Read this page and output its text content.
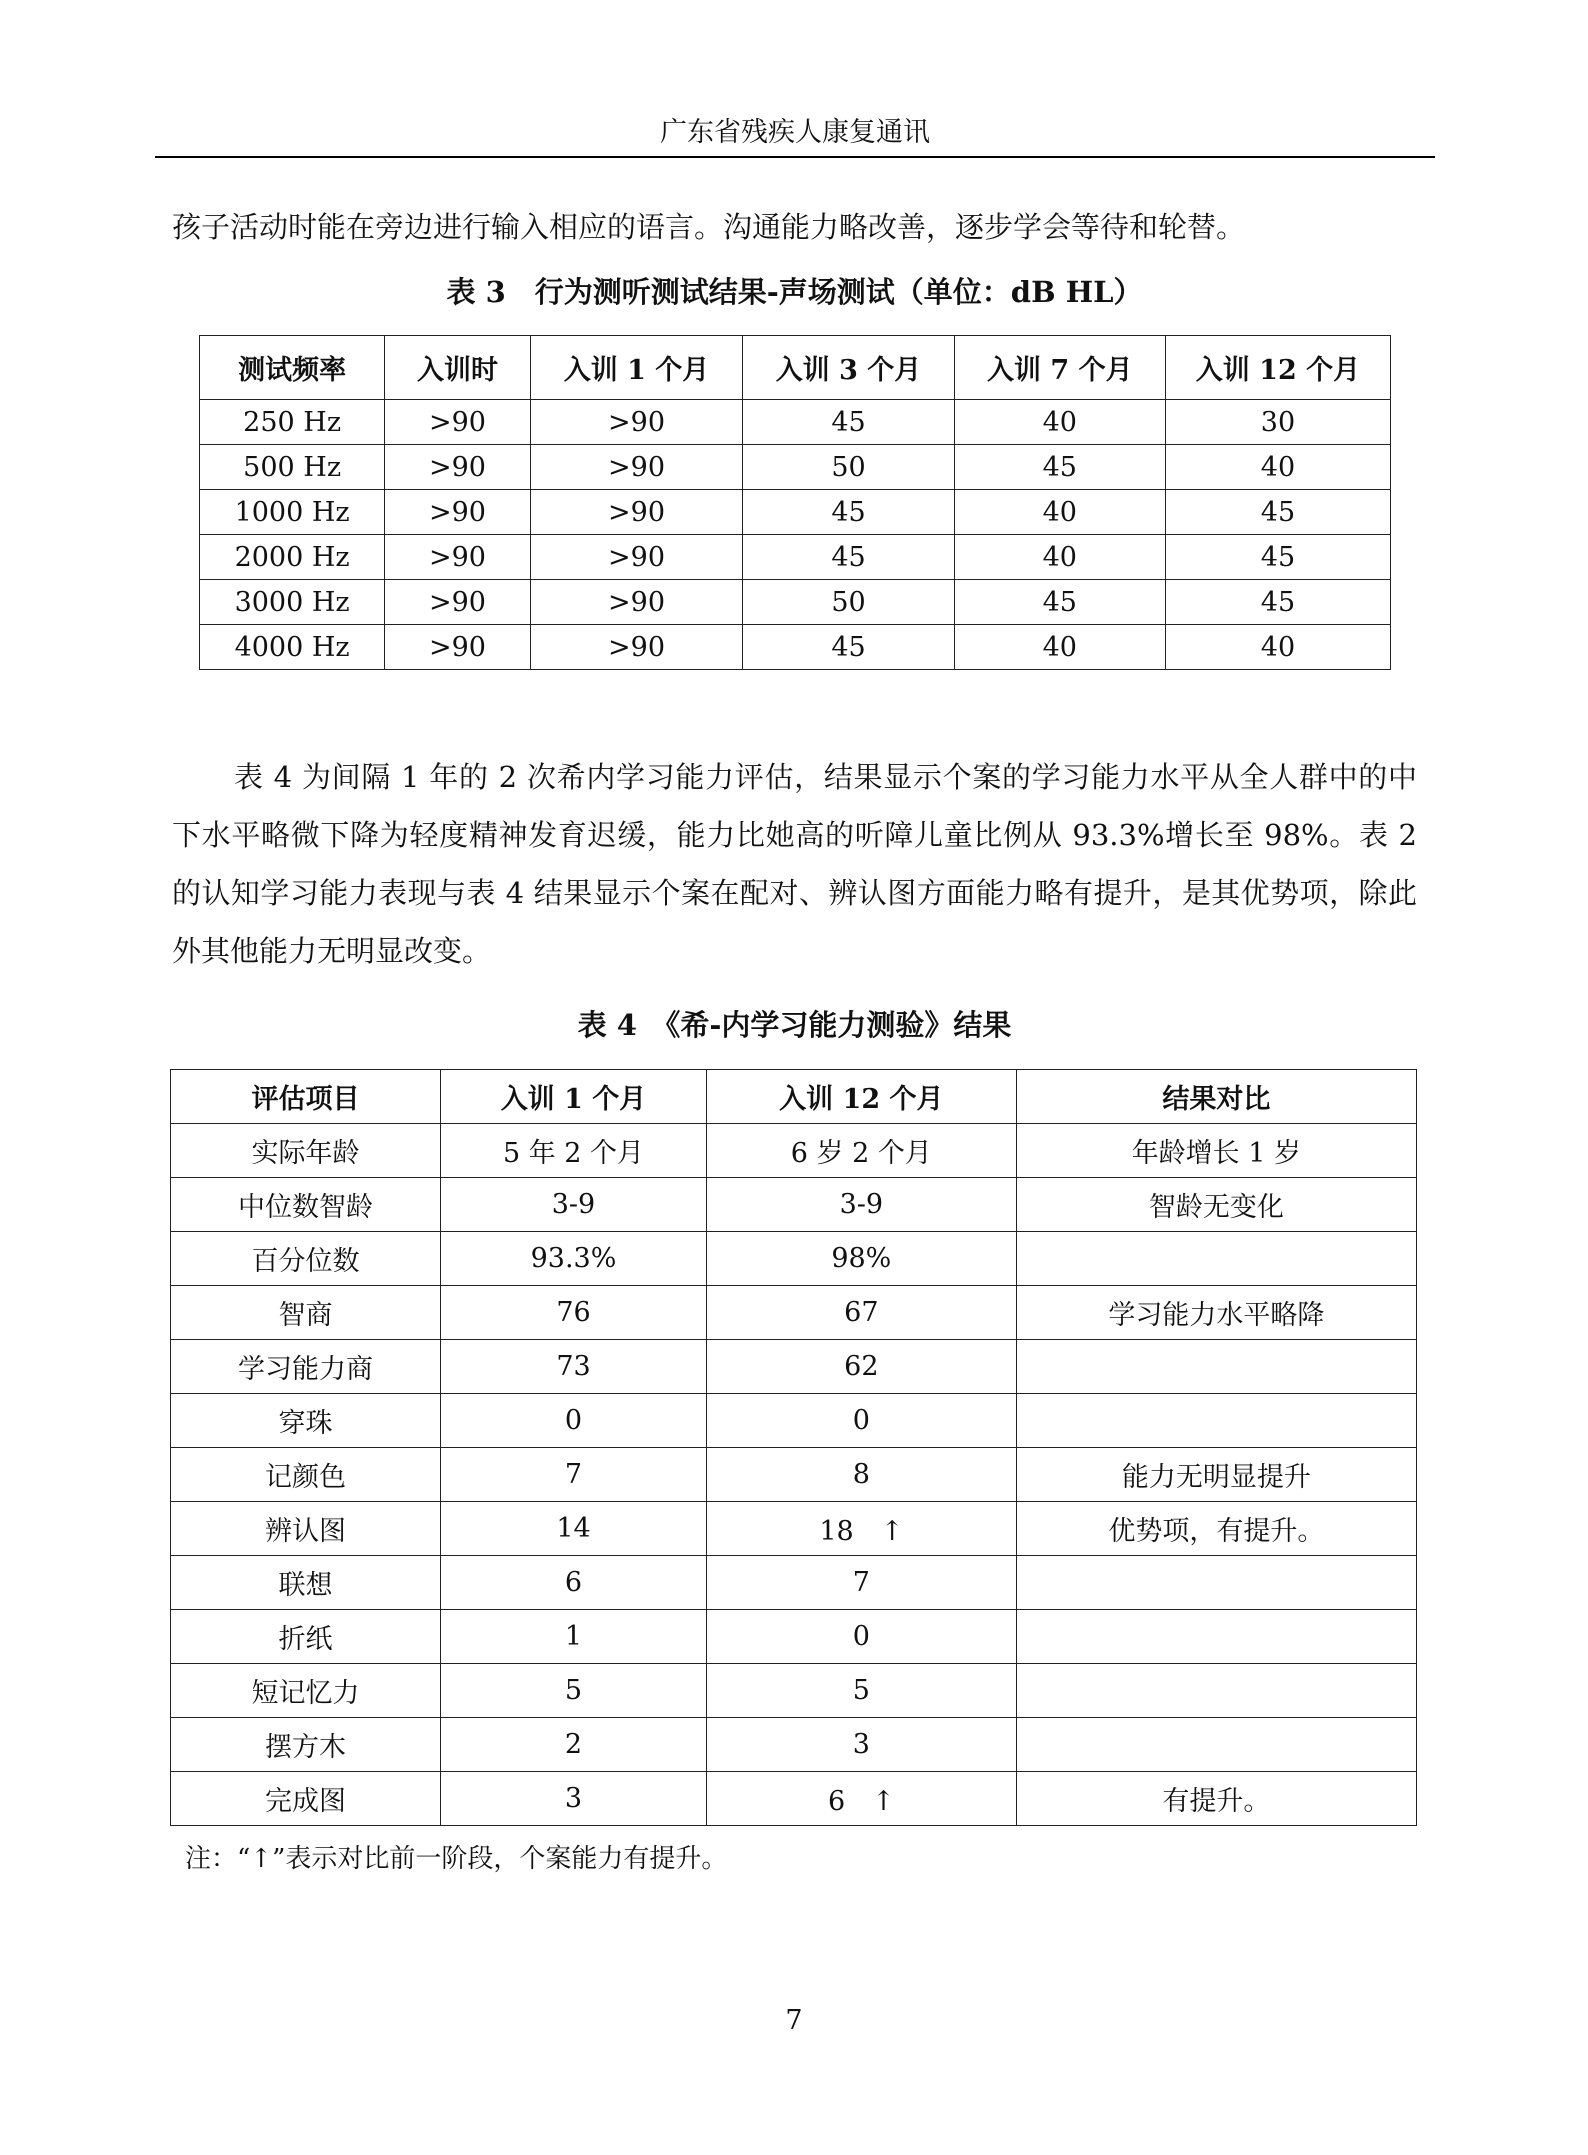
广东省残疾人康复通讯

孩子活动时能在旁边进行输入相应的语言。沟通能力略改善，逐步学会等待和轮替。

表 3　行为测听测试结果-声场测试（单位：dB HL）
测试频率	入训时	入训 1 个月	入训 3 个月	入训 7 个月	入训 12 个月
250 Hz	>90	>90	45	40	30
500 Hz	>90	>90	50	45	40
1000 Hz	>90	>90	45	40	45
2000 Hz	>90	>90	45	40	45
3000 Hz	>90	>90	50	45	45
4000 Hz	>90	>90	45	40	40

表 4 为间隔 1 年的 2 次希内学习能力评估，结果显示个案的学习能力水平从全人群中的中下水平略微下降为轻度精神发育迟缓，能力比她高的听障儿童比例从 93.3%增长至 98%。表 2 的认知学习能力表现与表 4 结果显示个案在配对、辨认图方面能力略有提升，是其优势项，除此外其他能力无明显改变。

表 4　《希-内学习能力测验》结果
评估项目	入训 1 个月	入训 12 个月	结果对比
实际年龄	5 年 2 个月	6 岁 2 个月	年龄增长 1 岁
中位数智龄	3-9	3-9	智龄无变化
百分位数	93.3%	98%	
智商	76	67	学习能力水平略降
学习能力商	73	62	
穿珠	0	0	
记颜色	7	8	能力无明显提升
辨认图	14	18　↑	优势项，有提升。
联想	6	7	
折纸	1	0	
短记忆力	5	5	
摆方木	2	3	
完成图	3	6　↑	有提升。
注：“↑”表示对比前一阶段，个案能力有提升。
7
